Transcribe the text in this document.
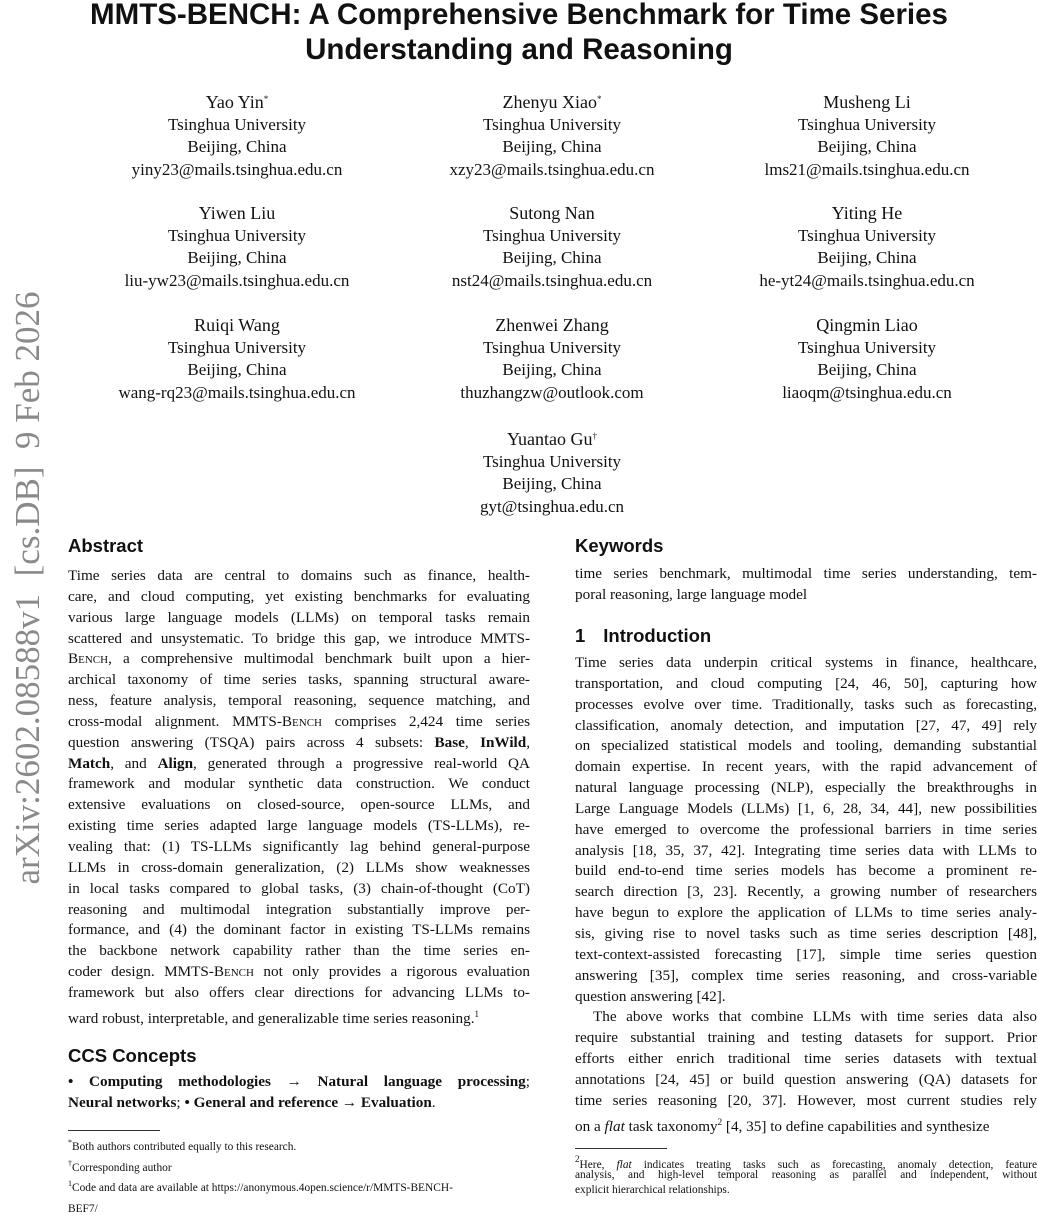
MMTS-BENCH: A Comprehensive Benchmark for Time Series
Understanding and Reasoning
arXiv:2602.08588v1  [cs.DB]  9 Feb 2026
Yao Yin*
Tsinghua University
Beijing, China
yiny23@mails.tsinghua.edu.cn
Zhenyu Xiao*
Tsinghua University
Beijing, China
xzy23@mails.tsinghua.edu.cn
Musheng Li
Tsinghua University
Beijing, China
lms21@mails.tsinghua.edu.cn
Yiwen Liu
Tsinghua University
Beijing, China
liu-yw23@mails.tsinghua.edu.cn
Sutong Nan
Tsinghua University
Beijing, China
nst24@mails.tsinghua.edu.cn
Yiting He
Tsinghua University
Beijing, China
he-yt24@mails.tsinghua.edu.cn
Ruiqi Wang
Tsinghua University
Beijing, China
wang-rq23@mails.tsinghua.edu.cn
Zhenwei Zhang
Tsinghua University
Beijing, China
thuzhangzw@outlook.com
Qingmin Liao
Tsinghua University
Beijing, China
liaoqm@tsinghua.edu.cn
Yuantao Gu†
Tsinghua University
Beijing, China
gyt@tsinghua.edu.cn
Abstract
Time series data are central to domains such as finance, health-
care, and cloud computing, yet existing benchmarks for evaluating
various large language models (LLMs) on temporal tasks remain
scattered and unsystematic. To bridge this gap, we introduce MMTS-
Bench, a comprehensive multimodal benchmark built upon a hier-
archical taxonomy of time series tasks, spanning structural aware-
ness, feature analysis, temporal reasoning, sequence matching, and
cross-modal alignment. MMTS-Bench comprises 2,424 time series
question answering (TSQA) pairs across 4 subsets: Base, InWild,
Match, and Align, generated through a progressive real-world QA
framework and modular synthetic data construction. We conduct
extensive evaluations on closed-source, open-source LLMs, and
existing time series adapted large language models (TS-LLMs), re-
vealing that: (1) TS-LLMs significantly lag behind general-purpose
LLMs in cross-domain generalization, (2) LLMs show weaknesses
in local tasks compared to global tasks, (3) chain-of-thought (CoT)
reasoning and multimodal integration substantially improve per-
formance, and (4) the dominant factor in existing TS-LLMs remains
the backbone network capability rather than the time series en-
coder design. MMTS-Bench not only provides a rigorous evaluation
framework but also offers clear directions for advancing LLMs to-
ward robust, interpretable, and generalizable time series reasoning.$^1$
CCS Concepts
• Computing methodologies → Natural language processing;
Neural networks; • General and reference → Evaluation.
Keywords
time series benchmark, multimodal time series understanding, tem-
poral reasoning, large language model
1 Introduction
Time series data underpin critical systems in finance, healthcare,
transportation, and cloud computing [24, 46, 50], capturing how
processes evolve over time. Traditionally, tasks such as forecasting,
classification, anomaly detection, and imputation [27, 47, 49] rely
on specialized statistical models and tooling, demanding substantial
domain expertise. In recent years, with the rapid advancement of
natural language processing (NLP), especially the breakthroughs in
Large Language Models (LLMs) [1, 6, 28, 34, 44], new possibilities
have emerged to overcome the professional barriers in time series
analysis [18, 35, 37, 42]. Integrating time series data with LLMs to
build end-to-end time series models has become a prominent re-
search direction [3, 23]. Recently, a growing number of researchers
have begun to explore the application of LLMs to time series analy-
sis, giving rise to novel tasks such as time series description [48],
text-context-assisted forecasting [17], simple time series question
answering [35], complex time series reasoning, and cross-variable
question answering [42].
The above works that combine LLMs with time series data also
require substantial training and testing datasets for support. Prior
efforts either enrich traditional time series datasets with textual
annotations [24, 45] or build question answering (QA) datasets for
time series reasoning [20, 37]. However, most current studies rely
on a flat task taxonomy$^2$ [4, 35] to define capabilities and synthesize
*Both authors contributed equally to this research.
†Corresponding author
$^1$Code and data are available at https://anonymous.4open.science/r/MMTS-BENCH-
BEF7/
$^2$Here, flat indicates treating tasks such as forecasting, anomaly detection, feature
analysis, and high-level temporal reasoning as parallel and independent, without
explicit hierarchical relationships.
